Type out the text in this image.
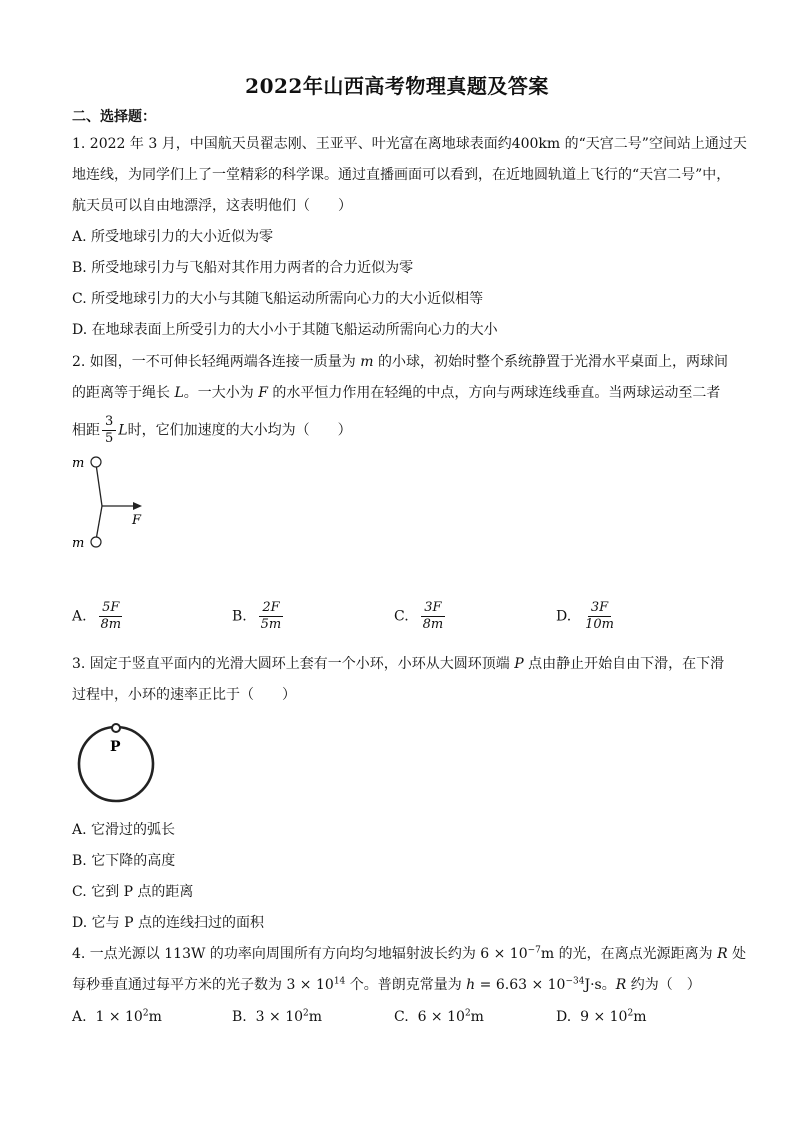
2022年山西高考物理真题及答案
二、选择题：
1. 2022 年 3 月，中国航天员翟志刚、王亚平、叶光富在离地球表面约400km 的“天宫二号”空间站上通过天
地连线，为同学们上了一堂精彩的科学课。通过直播画面可以看到，在近地圆轨道上飞行的“天宫二号”中，
航天员可以自由地漂浮，这表明他们（　　）
A. 所受地球引力的大小近似为零
B. 所受地球引力与飞船对其作用力两者的合力近似为零
C. 所受地球引力的大小与其随飞船运动所需向心力的大小近似相等
D. 在地球表面上所受引力的大小小于其随飞船运动所需向心力的大小
2. 如图，一不可伸长轻绳两端各连接一质量为 m 的小球，初始时整个系统静置于光滑水平桌面上，两球间
的距离等于绳长 L。一大小为 F 的水平恒力作用在轻绳的中点，方向与两球连线垂直。当两球运动至二者
相距 $\frac{3}{5}$ L时，它们加速度的大小均为（　　）
m
m
F
A. $\frac{5F}{8m}$	B. $\frac{2F}{5m}$	C. $\frac{3F}{8m}$	D. $\frac{3F}{10m}$
3. 固定于竖直平面内的光滑大圆环上套有一个小环，小环从大圆环顶端 P 点由静止开始自由下滑，在下滑
过程中，小环的速率正比于（　　）
P
A. 它滑过的弧长
B. 它下降的高度
C. 它到 P 点的距离
D. 它与 P 点的连线扫过的面积
4. 一点光源以 113W 的功率向周围所有方向均匀地辐射波长约为 $6 \times 10^{-7}m$ 的光，在离点光源距离为 R 处
每秒垂直通过每平方米的光子数为 $3 \times 10^{14}$ 个。普朗克常量为 $h = 6.63 \times 10^{-34}J\cdot s$。R 约为（　）
A. $1 \times 10^2m$	B. $3 \times 10^2m$	C. $6 \times 10^2m$	D. $9 \times 10^2m$
